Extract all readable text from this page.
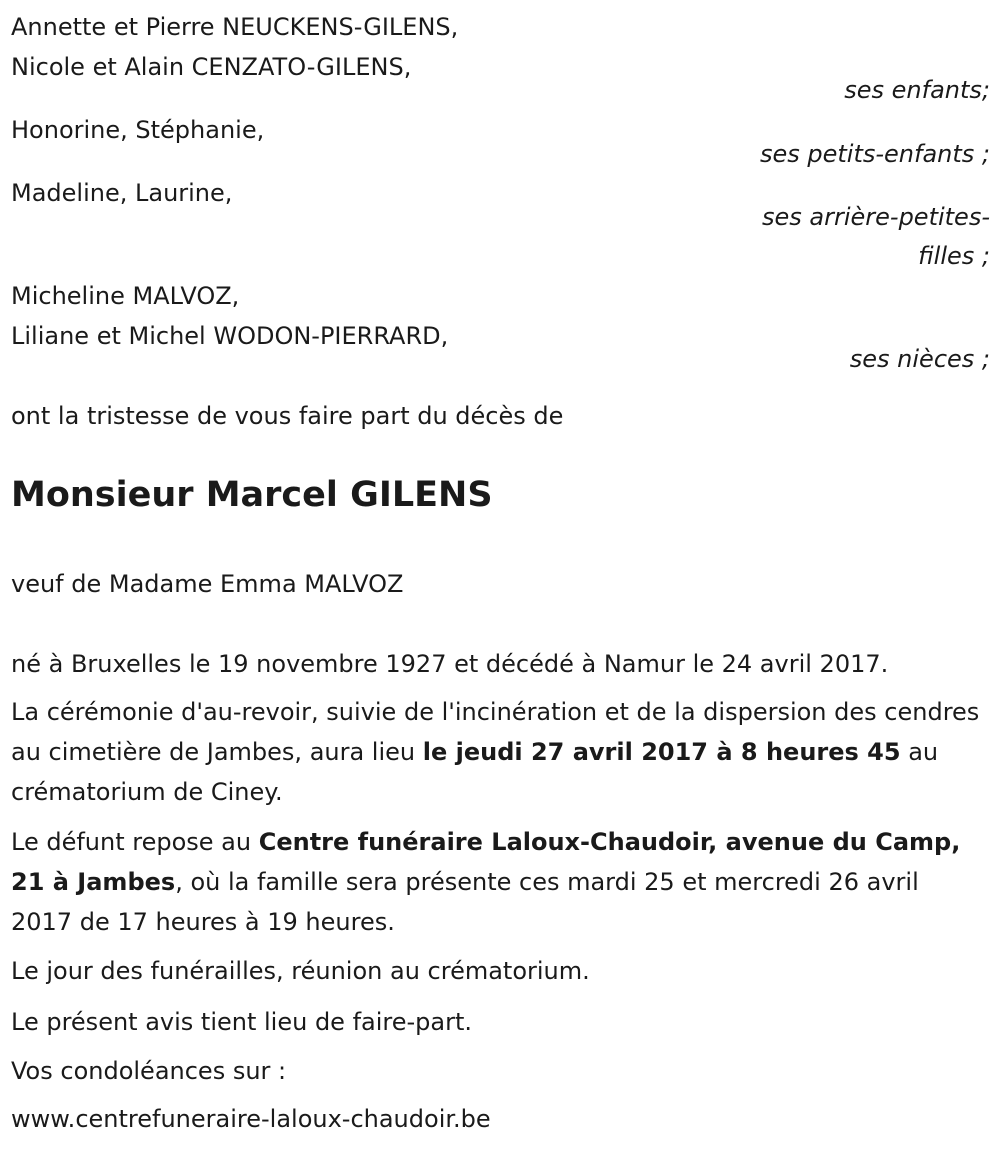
Annette et Pierre NEUCKENS-GILENS,
Nicole et Alain CENZATO-GILENS,
ses enfants;
Honorine, Stéphanie,
ses petits-enfants ;
Madeline, Laurine,
ses arrière-petites-
filles ;
Micheline MALVOZ,
Liliane et Michel WODON-PIERRARD,
ses nièces ;
ont la tristesse de vous faire part du décès de
Monsieur Marcel GILENS
veuf de Madame Emma MALVOZ
né à Bruxelles le 19 novembre 1927 et décédé à Namur le 24 avril 2017.
La cérémonie d'au-revoir, suivie de l'incinération et de la dispersion des cendres au cimetière de Jambes, aura lieu le jeudi 27 avril 2017 à 8 heures 45 au crématorium de Ciney.
Le défunt repose au Centre funéraire Laloux-Chaudoir, avenue du Camp, 21 à Jambes, où la famille sera présente ces mardi 25 et mercredi 26 avril 2017 de 17 heures à 19 heures.
Le jour des funérailles, réunion au crématorium.
Le présent avis tient lieu de faire-part.
Vos condoléances sur :
www.centrefuneraire-laloux-chaudoir.be
